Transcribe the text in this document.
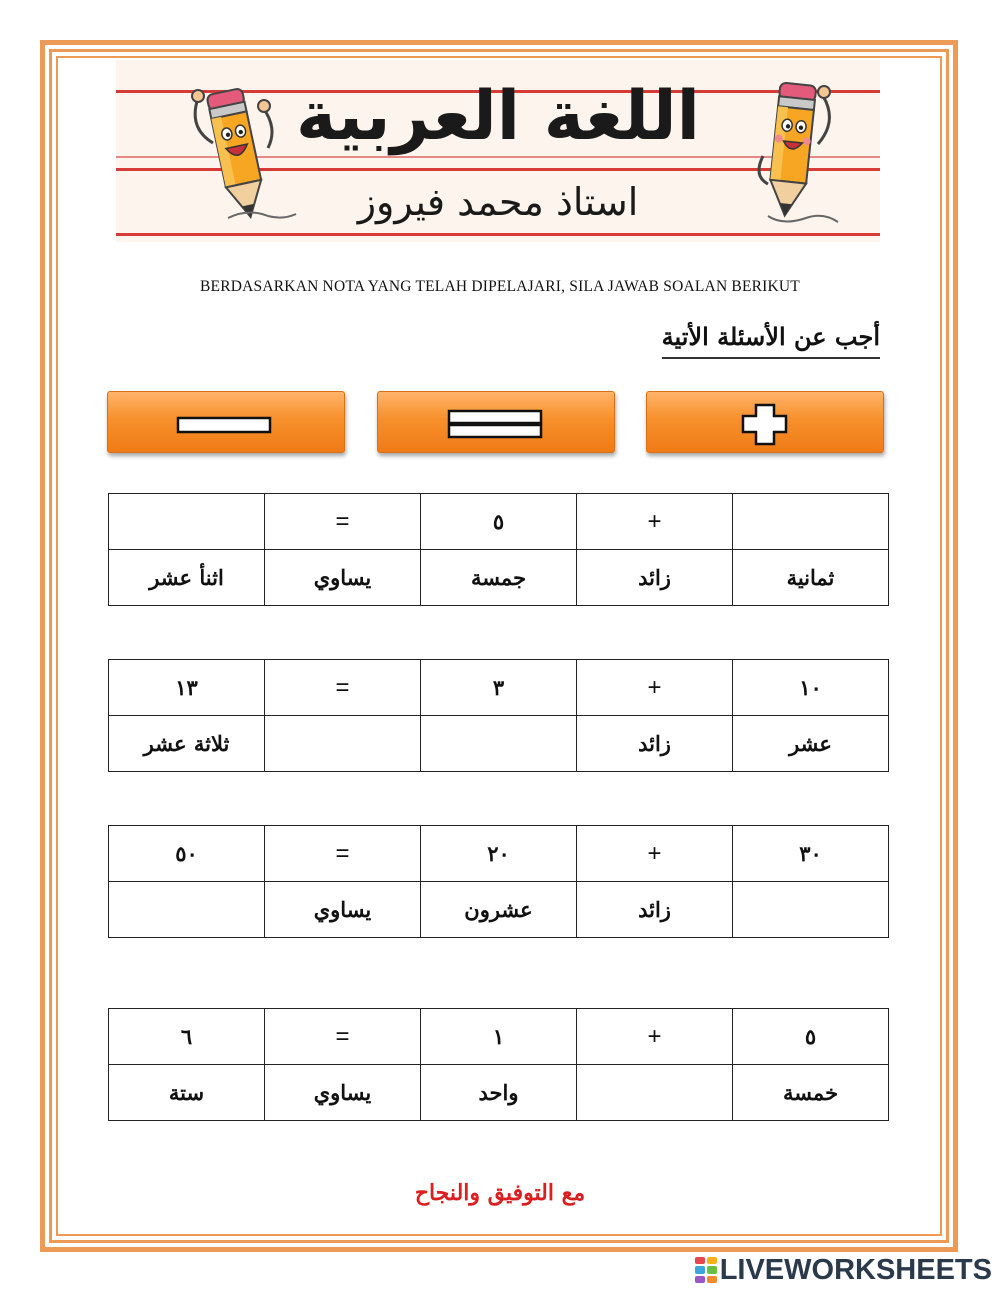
اللغة العربية
استاذ محمد فيروز
BERDASARKAN NOTA YANG TELAH DIPELAJARI, SILA JAWAB SOALAN BERIKUT
أجب عن الأسئلة الأتية
	+	٥	=	
ثمانية	زائد	جمسة	يساوي	اثنأ عشر
١٠	+	٣	=	١٣
عشر	زائد			ثلاثة عشر
٣٠	+	٢٠	=	٥٠
	زائد	عشرون	يساوي	
٥	+	١	=	٦
خمسة		واحد	يساوي	ستة
مع التوفيق والنجاح
LIVEWORKSHEETS
